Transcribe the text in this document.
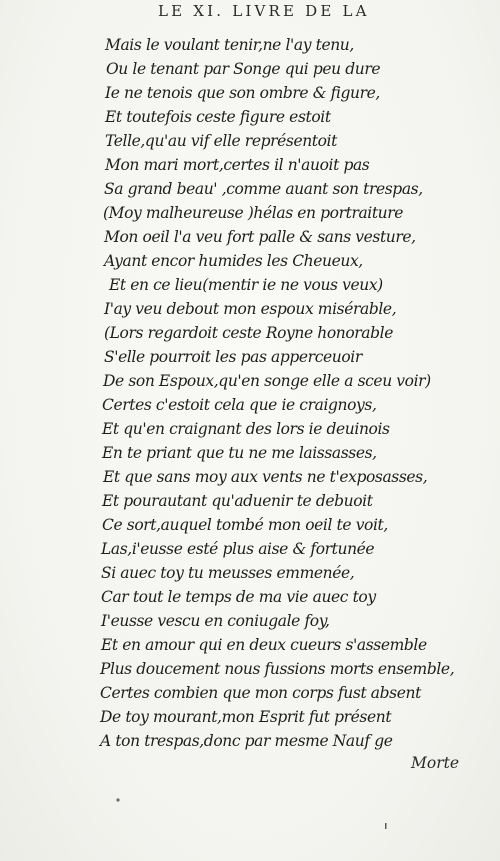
LE XI. LIVRE DE LA
Mais le voulant tenir,ne l'ay tenu,
Ou le tenant par Songe qui peu dure
Ie ne tenois que son ombre & figure,
Et toutefois ceste figure estoit
Telle,qu'au vif elle représentoit
Mon mari mort,certes il n'auoit pas
Sa grand beau' ,comme auant son trespas,
(Moy malheureuse )hélas en portraiture
Mon oeil l'a veu fort palle & sans vesture,
Ayant encor humides les Cheueux,
Et en ce lieu(mentir ie ne vous veux)
I'ay veu debout mon espoux misérable,
(Lors regardoit ceste Royne honorable
S'elle pourroit les pas apperceuoir
De son Espoux,qu'en songe elle a sceu voir)
Certes c'estoit cela que ie craignoys,
Et qu'en craignant des lors ie deuinois
En te priant que tu ne me laissasses,
Et que sans moy aux vents ne t'exposasses,
Et pourautant qu'aduenir te debuoit
Ce sort,auquel tombé mon oeil te voit,
Las,i'eusse esté plus aise & fortunée
Si auec toy tu meusses emmenée,
Car tout le temps de ma vie auec toy
I'eusse vescu en coniugale foy,
Et en amour qui en deux cueurs s'assemble
Plus doucement nous fussions morts ensemble,
Certes combien que mon corps fust absent
De toy mourant,mon Esprit fut présent
A ton trespas,donc par mesme Nauf ge
Morte
